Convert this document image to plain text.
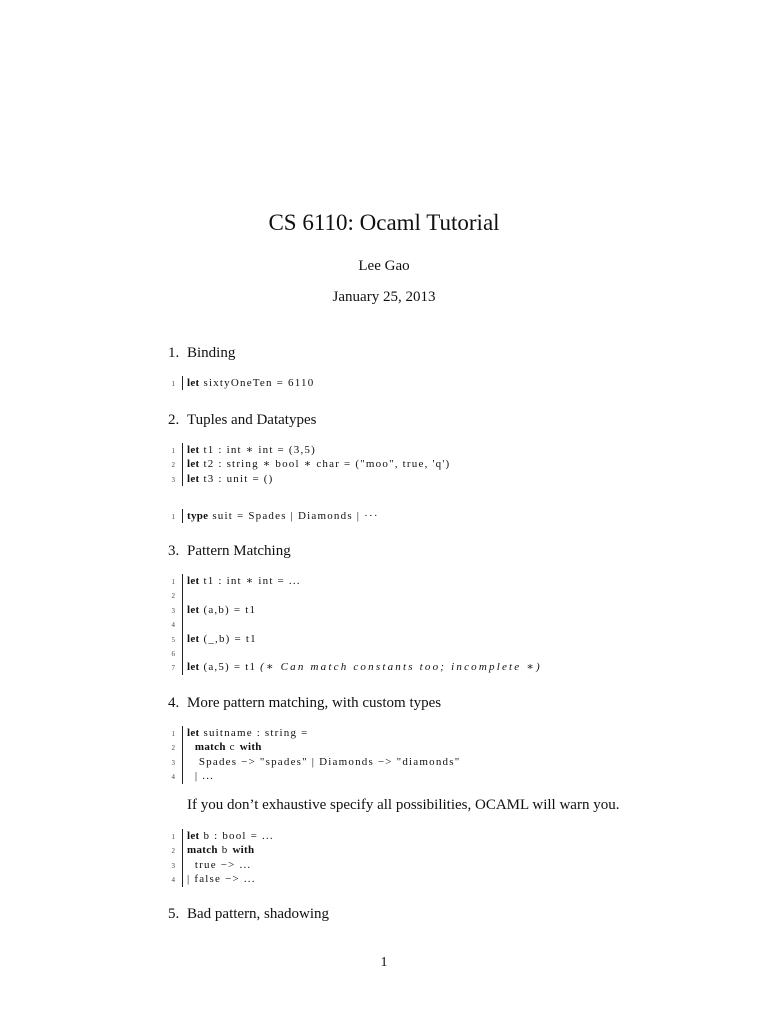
CS 6110: Ocaml Tutorial
Lee Gao
January 25, 2013
1. Binding
1 let sixtyOneTen = 6110
2. Tuples and Datatypes
1 let t1 : int ∗ int = (3,5)
2 let t2 : string ∗ bool ∗ char = ("moo", true, 'q')
3 let t3 : unit = ()
1 type suit = Spades | Diamonds | ···
3. Pattern Matching
1 let t1 : int ∗ int = ...
2
3 let (a,b) = t1
4
5 let (_,b) = t1
6
7 let (a,5) = t1 (∗ Can match constants too; incomplete ∗)
4. More pattern matching, with custom types
1 let suitname : string =
2	match c with
3 Spades −> "spades" | Diamonds −> "diamonds"
4 | ...
If you don’t exhaustive specify all possibilities, OCAML will warn you.
1 let b : bool = ...
2 match b with
3 true −> ...
4 | false −> ...
5. Bad pattern, shadowing
1
